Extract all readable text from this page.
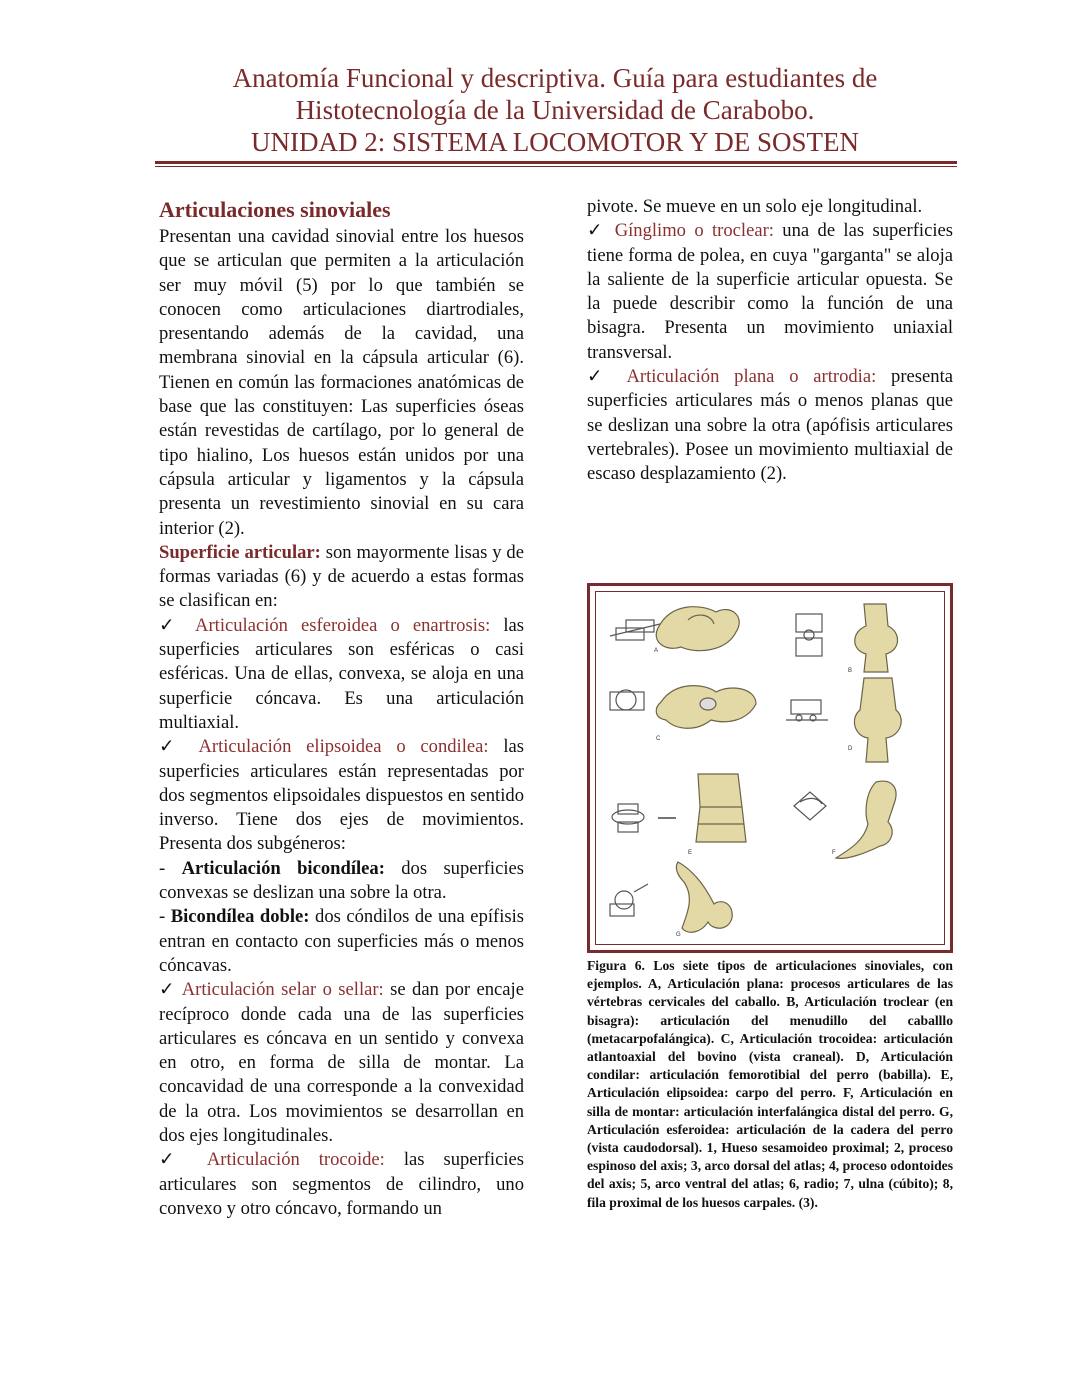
Anatomía Funcional y descriptiva. Guía para estudiantes de
Histotecnología de la Universidad de Carabobo.
UNIDAD 2: SISTEMA LOCOMOTOR Y DE SOSTEN

Articulaciones sinoviales

Presentan una cavidad sinovial entre los huesos que se articulan que permiten a la articulación ser muy móvil (5) por lo que también se conocen como articulaciones diartrodiales, presentando además de la cavidad, una membrana sinovial en la cápsula articular (6). Tienen en común las formaciones anatómicas de base que las constituyen: Las superficies óseas están revestidas de cartílago, por lo general de tipo hialino, Los huesos están unidos por una cápsula articular y ligamentos y la cápsula presenta un revestimiento sinovial en su cara interior (2).

Superficie articular: son mayormente lisas y de formas variadas (6) y de acuerdo a estas formas se clasifican en:

✓ Articulación esferoidea o enartrosis: las superficies articulares son esféricas o casi esféricas. Una de ellas, convexa, se aloja en una superficie cóncava. Es una articulación multiaxial.

✓ Articulación elipsoidea o condilea: las superficies articulares están representadas por dos segmentos elipsoidales dispuestos en sentido inverso. Tiene dos ejes de movimientos. Presenta dos subgéneros:

- Articulación bicondílea: dos superficies convexas se deslizan una sobre la otra.

- Bicondílea doble: dos cóndilos de una epífisis entran en contacto con superficies más o menos cóncavas.

✓ Articulación selar o sellar: se dan por encaje recíproco donde cada una de las superficies articulares es cóncava en un sentido y convexa en otro, en forma de silla de montar. La concavidad de una corresponde a la convexidad de la otra. Los movimientos se desarrollan en dos ejes longitudinales.

✓ Articulación trocoide: las superficies articulares son segmentos de cilindro, uno convexo y otro cóncavo, formando un

pivote. Se mueve en un solo eje longitudinal.

✓ Gínglimo o troclear: una de las superficies tiene forma de polea, en cuya "garganta" se aloja la saliente de la superficie articular opuesta. Se la puede describir como la función de una bisagra. Presenta un movimiento uniaxial transversal.

✓ Articulación plana o artrodia: presenta superficies articulares más o menos planas que se deslizan una sobre la otra (apófisis articulares vertebrales). Posee un movimiento multiaxial de escaso desplazamiento (2).

A
B
C
D
E	F
G
Figura 6. Los siete tipos de articulaciones sinoviales, con ejemplos. A, Articulación plana: procesos articulares de las vértebras cervicales del caballo. B, Articulación troclear (en bisagra): articulación del menudillo del caballlo (metacarpofalángica). C, Articulación trocoidea: articulación atlantoaxial del bovino (vista craneal). D, Articulación condilar: articulación femorotibial del perro (babilla). E, Articulación elipsoidea: carpo del perro. F, Articulación en silla de montar: articulación interfalángica distal del perro. G, Articulación esferoidea: articulación de la cadera del perro (vista caudodorsal). 1, Hueso sesamoideo proximal; 2, proceso espinoso del axis; 3, arco dorsal del atlas; 4, proceso odontoides del axis; 5, arco ventral del atlas; 6, radio; 7, ulna (cúbito); 8, fila proximal de los huesos carpales. (3).
